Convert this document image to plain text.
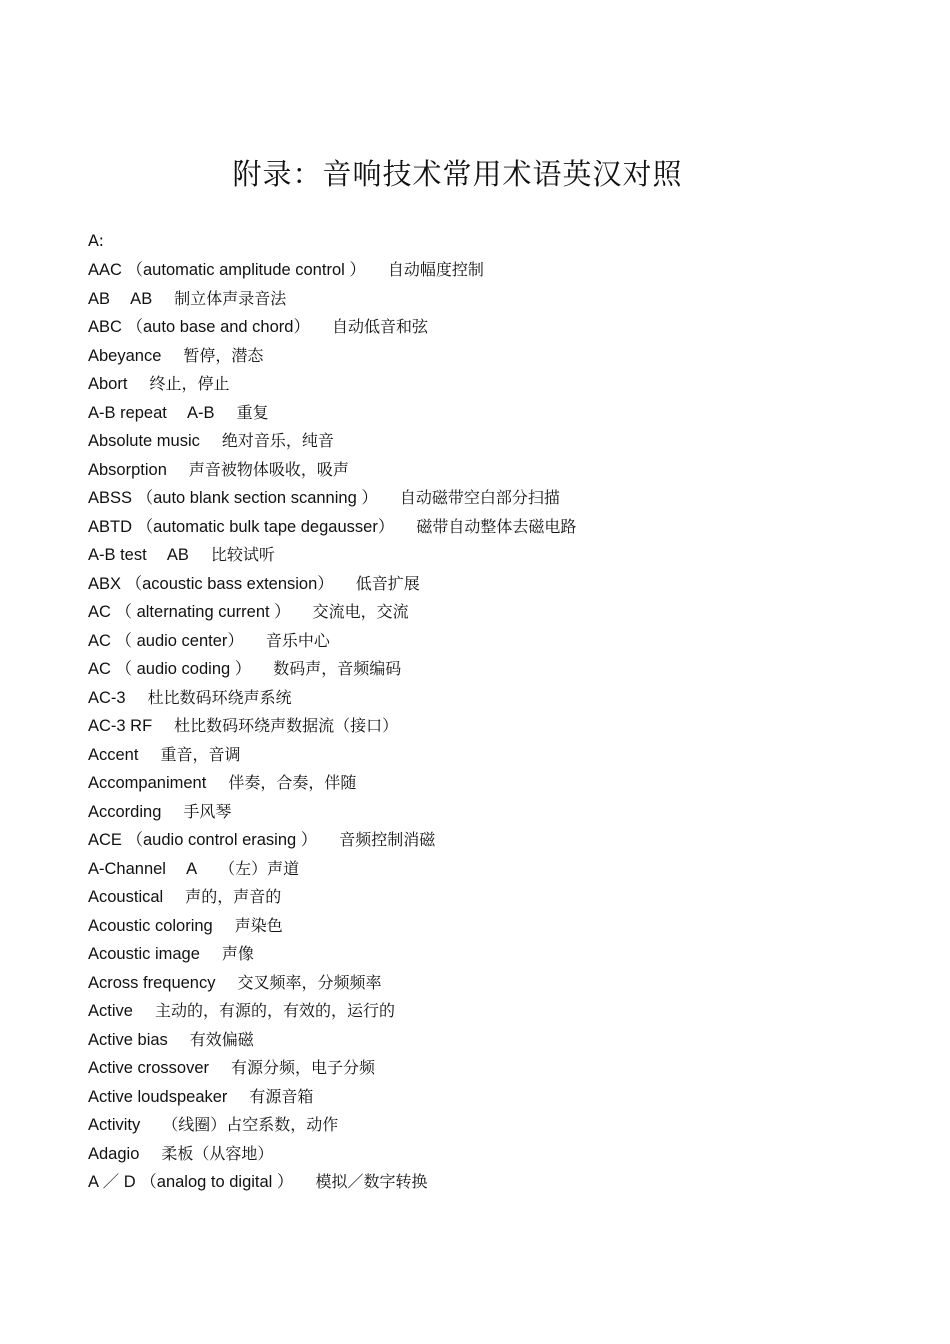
附录：音响技术常用术语英汉对照
A:
AAC （automatic amplitude control ） 自动幅度控制
AB　 AB 制立体声录音法
ABC （auto base and chord） 自动低音和弦
Abeyance 暂停，潜态
Abort 终止，停止
A-B repeat　 A-B 重复
Absolute music 绝对音乐，纯音
Absorption 声音被物体吸收，吸声
ABSS （auto blank section scanning ） 自动磁带空白部分扫描
ABTD （automatic bulk tape degausser） 磁带自动整体去磁电路
A-B test　 AB 比较试听
ABX （acoustic bass extension） 低音扩展
AC （ alternating current ） 交流电，交流
AC （ audio center） 音乐中心
AC （ audio coding ） 数码声，音频编码
AC-3 杜比数码环绕声系统
AC-3 RF 杜比数码环绕声数据流（接口）
Accent 重音，音调
Accompaniment 伴奏，合奏，伴随
According 手风琴
ACE （audio control erasing ） 音频控制消磁
A-Channel　 A （左）声道
Acoustical 声的，声音的
Acoustic coloring 声染色
Acoustic image 声像
Across frequency 交叉频率，分频频率
Active 主动的，有源的，有效的，运行的
Active bias 有效偏磁
Active crossover 有源分频，电子分频
Active loudspeaker 有源音箱
Activity （线圈）占空系数，动作
Adagio 柔板（从容地）
A ／ D （analog to digital ） 模拟／数字转换
